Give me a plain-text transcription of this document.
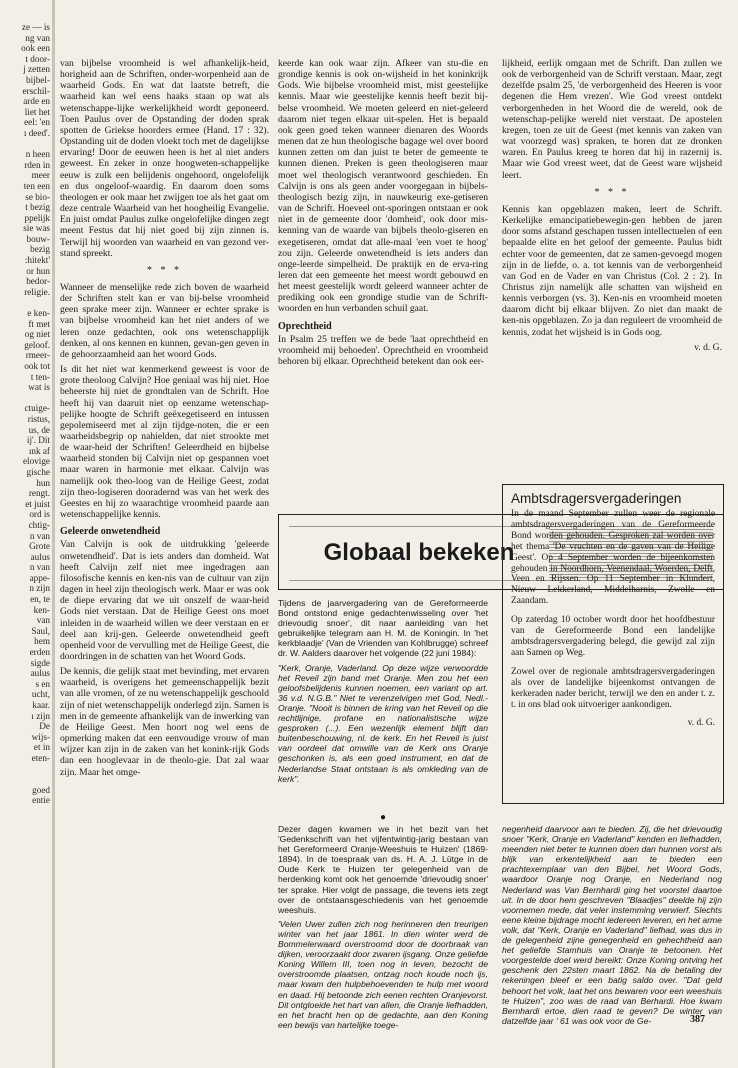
ze — is
ng van
ook een
t door-
j zetten
bijbel-
erschil-
arde en
liet het
eel: 'en
ı deed'.

n heen
rden in
meer
ten een
se bio-
t bezig
ppelijk
sie was
bouw-
bezig
:hitekt'
or hun
bedor-
religie.

e ken-
ft met
og niet
geloof.
rmeer-
ook tot
t ten-
wat is

ctuige-
ristus,
us, de
ij'. Dit
ınk af
elovige
gische
hun
rengt.
et juist
ord is
chtig-
n van
Grote
aulus
n van
appe-
n zijn
en, te
ken-
van
Saul,
hem
erden
sigde
aulus
s en
ucht,
kaar.
ı zijn
De
wijs-
et in
eten-

goed
entie

van bijbelse vroomheid is wel afhankelijk-heid, horigheid aan de Schriften, onder-worpenheid aan de waarheid Gods. En wat dat laatste betreft, die waarheid kan wel eens haaks staan op wat als wetenschappe-lijke werkelijkheid wordt geponeerd. Toen Paulus over de Opstanding der doden sprak spotten de Griekse hoorders ermee (Hand. 17 : 32). Opstanding uit de doden vloekt toch met de dagelijkse ervaring! Door de eeuwen heen is het al niet anders geweest. En zeker in onze hoogweten-schappelijke eeuw is zulk een belijdenis ongehoord, ongelofelijk en dus ongeloof-waardig. En daarom doen soms theologen er ook maar het zwijgen toe als het gaat om deze centrale Waarheid van het hoogheilig Evangelie. En juist omdat Paulus zulke ongelofelijke dingen zegt meent Festus dat hij niet goed bij zijn zinnen is. Terwijl hij woorden van waarheid en van gezond ver-stand spreekt.

* * *

Wanneer de menselijke rede zich boven de waarheid der Schriften stelt kan er van bij-belse vroomheid geen sprake meer zijn. Wanneer er echter sprake is van bijbelse vroomheid kan het niet anders of we leren onze gedachten, ook ons wetenschapplijk denken, al ons kennen en kunnen, gevan-gen geven in de gehoorzaamheid aan het woord Gods.

Is dit het niet wat kenmerkend geweest is voor de grote theoloog Calvijn? Hoe geniaal was hij niet. Hoe beheerste hij niet de grondtalen van de Schrift. Hoe heeft hij van daaruit niet op eenzame wetenschap-pelijke hoogte de Schrift geëxegetiseerd en intussen gepolemiseerd met al zijn tijdge-noten, die er een waarheidsbegrip op nahielden, dat niet strookte met de waar-heid der Schriften! Geleerdheid en bijbelse waarheid stonden bij Calvijn niet op gespannen voet maar waren in harmonie met elkaar. Calvijn was namelijk ook theo-loog van de Heilige Geest, zodat zijn theo-logiseren dooradernd was van het werk des Geestes en hij zo waarachtige vroomheid paarde aan wetenschappelijke kennis.

Geleerde onwetendheid

Van Calvijn is ook de uitdrukking 'geleerde onwetendheid'. Dat is iets anders dan domheid. Wat heeft Calvijn zelf niet mee ingedragen aan filosofische kennis en ken-nis van de cultuur van zijn dagen in heel zijn theologisch werk. Maar er was ook de diepe ervaring dat we uit onszelf de waar-heid Gods niet verstaan. Dat de Heilige Geest ons moet inleiden in de waarheid willen we deer verstaan en er deel aan krij-gen. Geleerde onwetendheid geeft openheid voor de vervulling met de Heilige Geest, die doordringen in de schatten van het Woord Gods.

De kennis, die gelijk staat met bevinding, met ervaren waarheid, is overigens het gemeenschappelijk bezit van alle vromen, of ze nu wetenschappelijk geschoold zijn of niet wetenschappelijk onderlegd zijn. Samen is men in de gemeente afhankelijk van de inwerking van de Heilige Geest. Men hoort nog wel eens de opmerking maken dat een eenvoudige vrouw of man wijzer kan zijn in de zaken van het konink-rijk Gods dan een hooglevaar in de theolo-gie. Dat zal waar zijn. Maar het omge-

keerde kan ook waar zijn. Afkeer van stu-die en grondige kennis is ook on-wijsheid in het koninkrijk Gods. Wie bijbelse vroomheid mist, mist geestelijke kennis. Maar wie geestelijke kennis heeft bezit bij-belse vroomheid. We moeten geleerd en niet-geleerd daarom niet tegen elkaar uit-spelen. Het is bepaald ook geen goed teken wanneer dienaren des Woords menen dat ze hun theologische bagage wel over boord kunnen zetten om dan juist te beter de gemeente te kunnen dienen. Preken is geen theologiseren maar moet wel theologisch verantwoord geschieden. En Calvijn is ons als geen ander voorgegaan in bijbels-theologisch bezig zijn, in nauwkeurig exe-getiseren van de Schrift. Hoeveel ont-sporingen ontstaan er ook niet in de gemeente door 'domheid', ook door mis-kenning van de waarde van bijbels theolo-giseren en exegetiseren, omdat dat alle-maal 'een voet te hoog' zou zijn. Geleerde onwetendheid is iets anders dan onge-leerde simpelheid. De praktijk en de erva-ring leren dat een gemeente het meest wordt gebouwd en het meest geestelijk wordt geleerd wanneer achter de prediking ook een grondige studie van de Schrift-woorden en hun verbanden schuil gaat.

Oprechtheid

In Psalm 25 treffen we de bede 'laat oprechtheid en vroomheid mij behoeden'. Oprechtheid en vroomheid behoren bij elkaar. Oprechtheid betekent dan ook eer-

lijkheid, eerlijk omgaan met de Schrift. Dan zullen we ook de verborgenheid van de Schrift verstaan. Maar, zegt dezelfde psalm 25, 'de verborgenheid des Heeren is voor degenen die Hem vrezen'. Wie God vreest ontdekt verborgenheden in het Woord die de wereld, ook de wetenschap-pelijke wereld niet verstaat. De apostelen kregen, toen ze uit de Geest (met kennis van zaken van wat voorzegd was) spraken, te horen dat ze dronken waren. En Paulus kreeg te horen dat hij in razernij is. Maar wie God vreest weet, dat de Geest ware wijsheid leert.

* * *

Kennis kan opgeblazen maken, leert de Schrift. Kerkelijke emancipatiebewegin-gen hebben de jaren door soms afstand geschapen tussen intellectuelen of een bepaalde elite en het geloof der gemeente. Paulus bidt echter voor de gemeenten, dat ze samen-gevoegd mogen zijn in de liefde, o. a. tot kennis van de verborgenheid van God en de Vader en van Christus (Col. 2 : 2). In Christus zijn namelijk alle schatten van wijsheid en kennis verborgen (vs. 3). Ken-nis en vroomheid moeten daarom dicht bij elkaar blijven. Zo niet dan maakt de ken-nis opgeblazen. Zo ja dan reguleert de vroomheid de kennis, zodat het wijsheid is in Gods oog.

v. d. G.
Globaal bekeken

Tijdens de jaarvergadering van de Gereformeerde Bond ontstond enige gedachtenwisseling over 'het drievoudig snoer', dit naar aanleiding van het gebruikelijke telegram aan H. M. de Koningin. In 'het kerkblaadje' (Van de Vrienden van Kohlbrugge) schreef dr. W. Aalders daarover het volgende (22 juni 1984):

"Kerk, Oranje, Vaderland. Op deze wijze verwoordde het Reveil zijn band met Oranje. Men zou het een geloofsbelijdenis kunnen noemen, een variant op art. 36 v.d. N.G.B." Niet te verenzelvigen met God, Nedl.- Oranje. "Nooit is binnen de kring van het Reveil op die rechtlijnige, profane en nationalistische wijze gesproken (...). Een wezenlijk element blijft dan buitenbeschouwing, nl. de kerk. En het Reveil is juist van oordeel dat omwille van de Kerk ons Oranje geschonken is, als een goed instrument, en dat de Nederlandse Staat ontstaan is als omkleding van de kerk".

Ambtsdragersvergaderingen

In de maand September zullen weer de regionale ambtsdragersvergaderingen van de Gereformeerde Bond worden gehouden. Gesproken zal worden over het thema 'De vruchten en de gaven van de Heilige Geest'. Op 4 September worden de bijeenkomsten gehouden in Noordhorn, Veenendaal, Woerden, Delft, Veen en Rijssen. Op 11 September in Klundert, Nieuw Lekkerland, Middelharnis, Zwolle en Zaandam.

Op zaterdag 10 october wordt door het hoofdbestuur van de Gereformeerde Bond een landelijke ambtsdragersvergadering belegd, die gewijd zal zijn aan Samen op Weg.

Zowel over de regionale ambtsdragersvergaderingen als over de landelijke bijeenkomst ontvangen de kerkeraden nader bericht, terwijl we den en ander t. z. t. in ons blad ook uitvoeriger aankondigen.

v. d. G.
●

Dezer dagen kwamen we in het bezit van het 'Gedenkschrift van het vijfentwintig-jarig bestaan van het Gereformeerd Oranje-Weeshuis te Huizen' (1869-1894). In de toespraak van ds. H. A. J. Lütge in de Oude Kerk te Huizen ter gelegenheid van de herdenking komt ook het genoemde 'drievoudig snoer' ter sprake. Hier volgt de passage, die tevens iets zegt over de ontstaansgeschiedenis van het genoemde weeshuis.

'Velen Uwer zullen zich nog herinneren den treurigen winter van het jaar 1861. In dien winter werd de Bommelerwaard overstroomd door de doorbraak van dijken, veroorzaakt door zwaren ijsgang. Onze geliefde Koning Willem III, toen nog in leven, bezocht de overstroomde plaatsen, ontzag noch koude noch ijs, maar kwam den hulpbehoevenden te hulp met woord en daad. Hij betoonde zich eenen rechten Oranjevorst. Dit ontgloeide het hart van allen, die Oranje liefhadden, en het bracht hen op de gedachte, aan den Koning een bewijs van hartelijke toege-

negenheid daarvoor aan te bieden. Zij, die het drievoudig snoer "Kerk, Oranje en Vaderland" kenden en liefhadden, meenden niet beter te kunnen doen dan hunnen vorst als blijk van erkentelijkheid aan te bieden een prachtexemplaar van den Bijbel, het Woord Gods, waardoor Oranje nog Oranje, en Nederland nog Nederland was Van Bernhardi ging het voorstel daartoe uit. In de door hem geschreven "Blaadjes" deelde hij zijn voornemen mede, dat veler instemming verwierf. Slechts eene kleine bijdrage mocht iedereen leveren, en het arme volk, dat "Kerk, Oranje en Vaderland" liefhad, was dus in de gelegenheid zijne genegenheid en gehechtheid aan het geliefde Stamhuis van Oranje te betoonen. Het voorgestelde doel werd bereikt: Onze Koning ontving het geschenk den 22sten maart 1862. Na de betaling der rekeningen bleef er een batig saldo over. "Dat geld behoort het volk, laat het ons bewaren voor een weeshuis te Huizen", zoo was de raad van Berhardi. Hoe kwam Bernhardi ertoe, dien raad te geven? De winter van datzelfde jaar ' 61 was ook voor de Ge-	387
